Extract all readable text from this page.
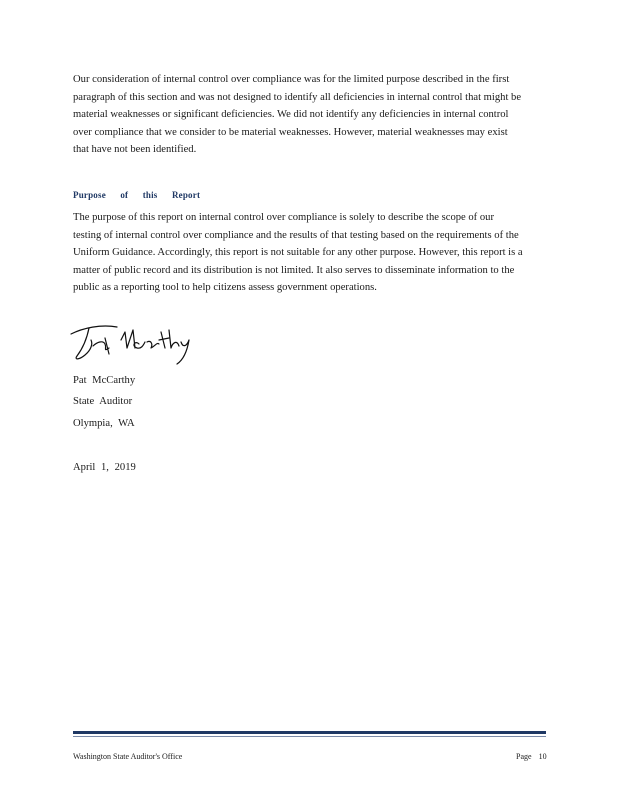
Our consideration of internal control over compliance was for the limited purpose described in the first paragraph of this section and was not designed to identify all deficiencies in internal control that might be material weaknesses or significant deficiencies. We did not identify any deficiencies in internal control over compliance that we consider to be material weaknesses. However, material weaknesses may exist that have not been identified.

Purpose of this Report

The purpose of this report on internal control over compliance is solely to describe the scope of our testing of internal control over compliance and the results of that testing based on the requirements of the Uniform Guidance. Accordingly, this report is not suitable for any other purpose. However, this report is a matter of public record and its distribution is not limited. It also serves to disseminate information to the public as a reporting tool to help citizens assess government operations.

Pat McCarthy

State Auditor

Olympia, WA

April 1, 2019

Washington State Auditor's Office	Page 10
